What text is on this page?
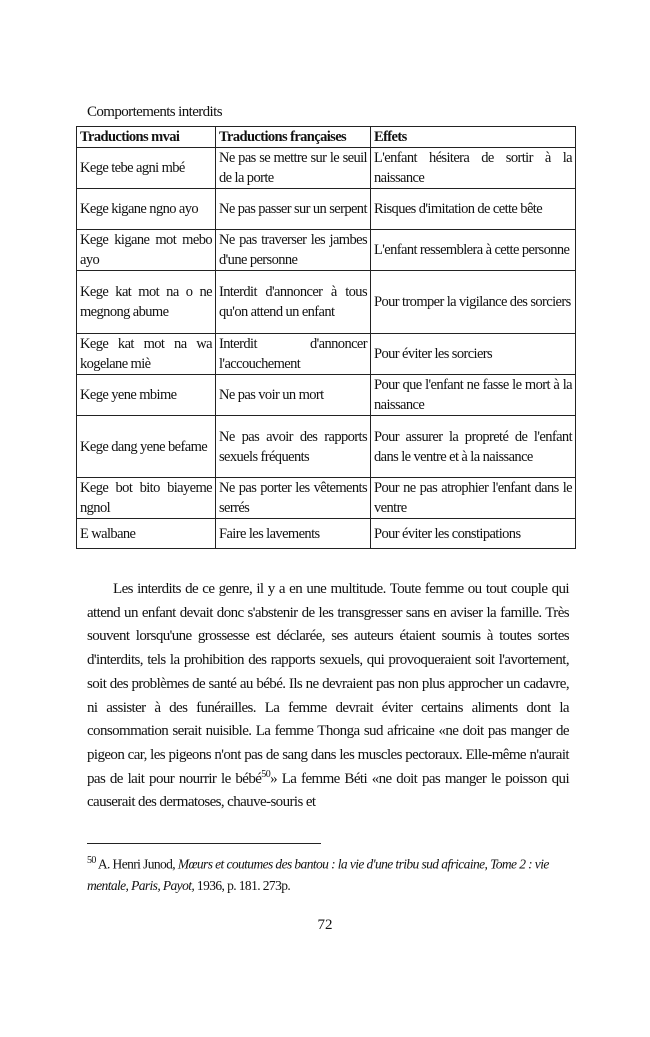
Comportements interdits
Traductions mvai	Traductions françaises	Effets
Kege tebe agni mbé	Ne pas se mettre sur le seuil de la porte	L'enfant hésitera de sortir à la naissance
Kege kigane ngno ayo	Ne pas passer sur un serpent	Risques d'imitation de cette bête
Kege kigane mot mebo ayo	Ne pas traverser les jambes d'une personne	L'enfant ressemblera à cette personne
Kege kat mot na o ne megnong abume	Interdit d'annoncer à tous qu'on attend un enfant	Pour tromper la vigilance des sorciers
Kege kat mot na wa kogelane miè	Interdit d'annoncer l'accouchement	Pour éviter les sorciers
Kege yene mbime	Ne pas voir un mort	Pour que l'enfant ne fasse le mort à la naissance
Kege dang yene befame	Ne pas avoir des rapports sexuels fréquents	Pour assurer la propreté de l'enfant dans le ventre et à la naissance
Kege bot bito biayeme ngnol	Ne pas porter les vêtements serrés	Pour ne pas atrophier l'enfant dans le ventre
E walbane	Faire les lavements	Pour éviter les constipations

Les interdits de ce genre, il y a en une multitude. Toute femme ou tout couple qui attend un enfant devait donc s'abstenir de les transgresser sans en aviser la famille. Très souvent lorsqu'une grossesse est déclarée, ses auteurs étaient soumis à toutes sortes d'interdits, tels la prohibition des rapports sexuels, qui provoqueraient soit l'avortement, soit des problèmes de santé au bébé. Ils ne devraient pas non plus approcher un cadavre, ni assister à des funérailles. La femme devrait éviter certains aliments dont la consommation serait nuisible. La femme Thonga sud africaine «ne doit pas manger de pigeon car, les pigeons n'ont pas de sang dans les muscles pectoraux. Elle-même n'aurait pas de lait pour nourrir le bébé$^{50}$» La femme Béti «ne doit pas manger le poisson qui causerait des dermatoses, chauve-souris et

$^{50}$ A. Henri Junod, Mœurs et coutumes des bantou : la vie d'une tribu sud africaine, Tome 2 : vie mentale, Paris, Payot, 1936, p. 181. 273p.
72
